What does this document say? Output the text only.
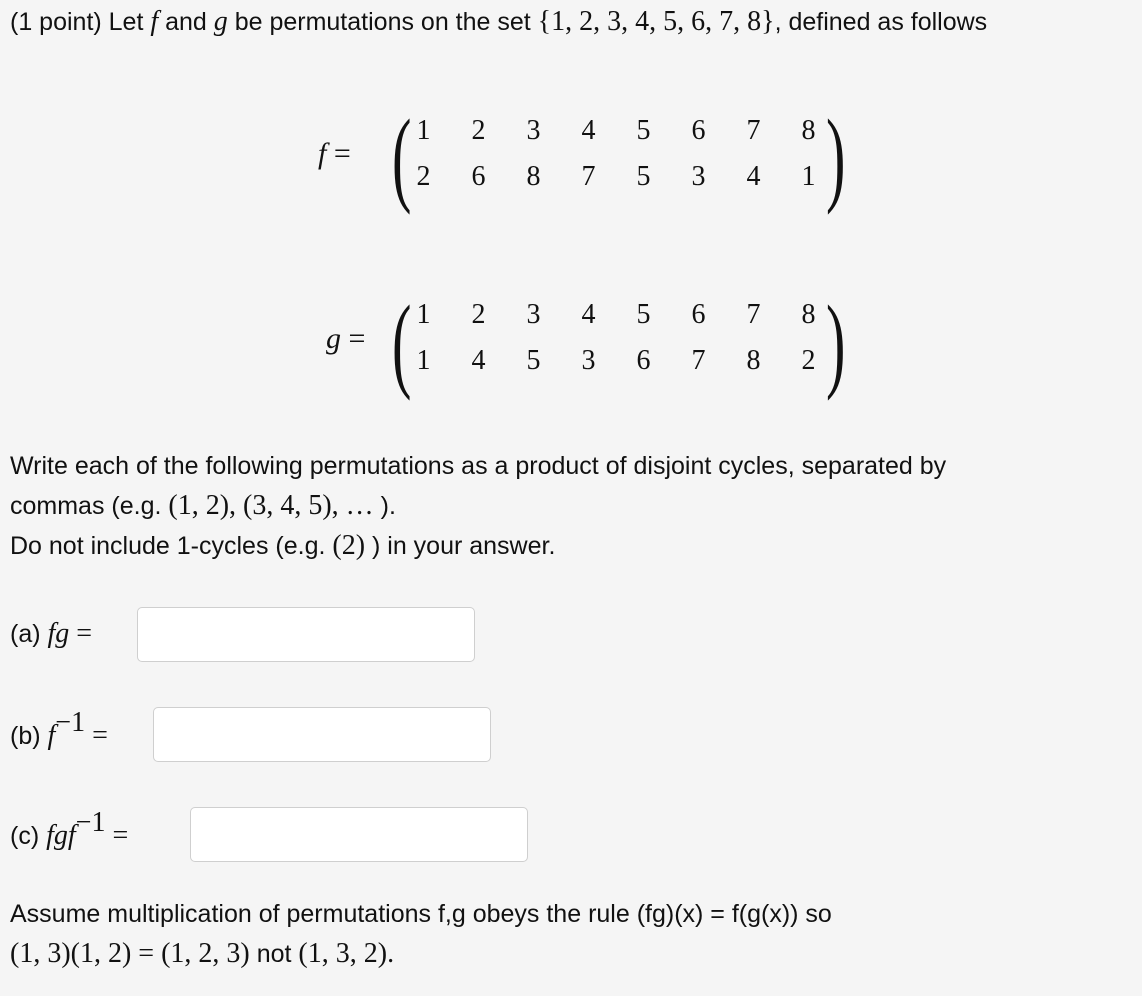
(1 point) Let f and g be permutations on the set {1, 2, 3, 4, 5, 6, 7, 8}, defined as follows
f = ( 1	2	3	4	5	6	7	8
2	6	8	7	5	3	4	1 )
g = ( 1	2	3	4	5	6	7	8
1	4	5	3	6	7	8	2 )
Write each of the following permutations as a product of disjoint cycles, separated by
commas (e.g. (1, 2), (3, 4, 5), … ).
Do not include 1-cycles (e.g. (2) ) in your answer.
(a) fg =
(b) $f^{-1}$ =
(c) fgf$^{-1}$ =
Assume multiplication of permutations f,g obeys the rule (fg)(x) = f(g(x)) so
(1, 3)(1, 2) = (1, 2, 3) not (1, 3, 2).
